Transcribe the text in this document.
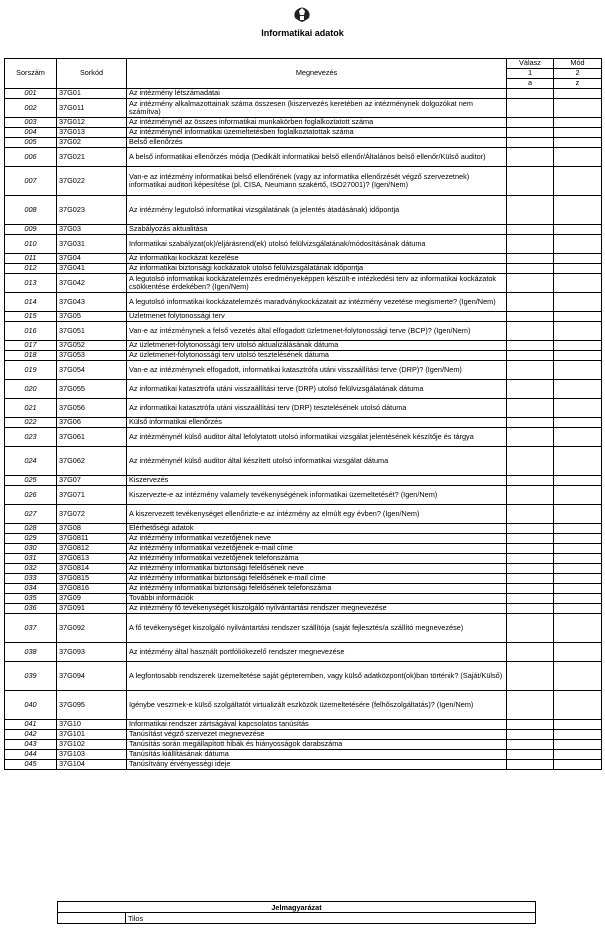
Informatikai adatok
Sorszám	Sorkód	Megnevezés	Válasz	Mód
			1	2
			a	z
001	37G01	Az intézmény létszámadatai		
002	37G011	Az intézmény alkalmazottainak száma összesen (kiszervezés keretében az intézménynek dolgozókat nem számítva)		
003	37G012	Az intézménynél az összes informatikai munkakörben foglalkoztatott száma		
004	37G013	Az intézménynél informatikai üzemeltetésben foglalkoztatottak száma		
005	37G02	Belső ellenőrzés		
006	37G021	A belső informatikai ellenőrzés módja (Dedikált informatikai belső ellenőr/Általános belső ellenőr/Külső auditor)		
007	37G022	Van-e az intézmény informatikai belső ellenőrének (vagy az informatika ellenőrzését végző szervezetnek) informatikai auditori képesítése (pl. CISA, Neumann szakértő, ISO27001)? (Igen/Nem)		
008	37G023	Az intézmény legutolsó informatikai vizsgálatának (a jelentés átadásának) időpontja		
009	37G03	Szabályozás aktualitása		
010	37G031	Informatikai szabályzat(ok)/eljárásrend(ek) utolsó felülvizsgálatának/módosításának dátuma		
011	37G04	Az informatikai kockázat kezelése		
012	37G041	Az informatikai biztonsági kockázatok utolsó felülvizsgálatának időpontja		
013	37G042	A legutolsó informatikai kockázatelemzés eredményeképpen készült-e intézkedési terv az informatikai kockázatok csökkentése érdekében? (Igen/Nem)		
014	37G043	A legutolsó informatikai kockázatelemzés maradványkockázatait az intézmény vezetése megismerte? (Igen/Nem)		
015	37G05	Üzletmenet folytonossági terv		
016	37G051	Van-e az intézménynek a felső vezetés által elfogadott üzletmenet-folytonossági terve (BCP)? (Igen/Nem)		
017	37G052	Az üzletmenet-folytonossági terv utolsó aktualizálásának dátuma		
018	37G053	Az üzletmenet-folytonossági terv utolsó tesztelésének dátuma		
019	37G054	Van-e az intézménynek elfogadott, informatikai katasztrófa utáni visszaállítási terve (DRP)? (Igen/Nem)		
020	37G055	Az informatikai katasztrófa utáni visszaállítási terve (DRP) utolsó felülvizsgálatának dátuma		
021	37G056	Az informatikai katasztrófa utáni visszaállítási terv (DRP) tesztelésének utolsó dátuma		
022	37G06	Külső informatikai ellenőrzés		
023	37G061	Az intézménynél külső auditor által lefolytatott utolsó informatikai vizsgálat jelentésének készítője és tárgya		
024	37G062	Az intézménynél külső auditor által készített utolsó informatikai vizsgálat dátuma		
025	37G07	Kiszervezés		
026	37G071	Kiszervezte-e az intézmény valamely tevékenységének informatikai üzemeltetését? (Igen/Nem)		
027	37G072	A kiszervezett tevékenységet ellenőrizte-e az intézmény az elmúlt egy évben? (Igen/Nem)		
028	37G08	Elérhetőségi adatok		
029	37G0811	Az intézmény informatikai vezetőjének neve		
030	37G0812	Az intézmény informatikai vezetőjének e-mail címe		
031	37G0813	Az intézmény informatikai vezetőjének telefonszáma		
032	37G0814	Az intézmény informatikai biztonsági felelősének neve		
033	37G0815	Az intézmény informatikai biztonsági felelősének e-mail címe		
034	37G0816	Az intézmény informatikai biztonsági felelősének telefonszáma		
035	37G09	További információk		
036	37G091	Az intézmény fő tevékenységét kiszolgáló nyilvántartási rendszer megnevezése		
037	37G092	A fő tevékenységet kiszolgáló nyilvántartási rendszer szállítója (saját fejlesztés/a szállító megnevezése)		
038	37G093	Az intézmény által használt portfóliókezelő rendszer megnevezése		
039	37G094	A legfontosabb rendszerek üzemeltetése saját gépteremben, vagy külső adatközpont(ok)ban történik? (Saját/Külső)		
040	37G095	Igénybe veszrnek-e külső szolgáltatót virtualizált eszközök üzemeltetésére (felhőszolgáltatás)? (Igen/Nem)		
041	37G10	Informatikai rendszer zártságával kapcsolatos tanúsítás		
042	37G101	Tanúsítást végző szervezet megnevezése		
043	37G102	Tanúsítás során megállapított hibák és hiányosságok darabszáma		
044	37G103	Tanúsítás kiállításának dátuma		
045	37G104	Tanúsítvány érvényességi ideje		
Jelmagyarázat
	Tilos
